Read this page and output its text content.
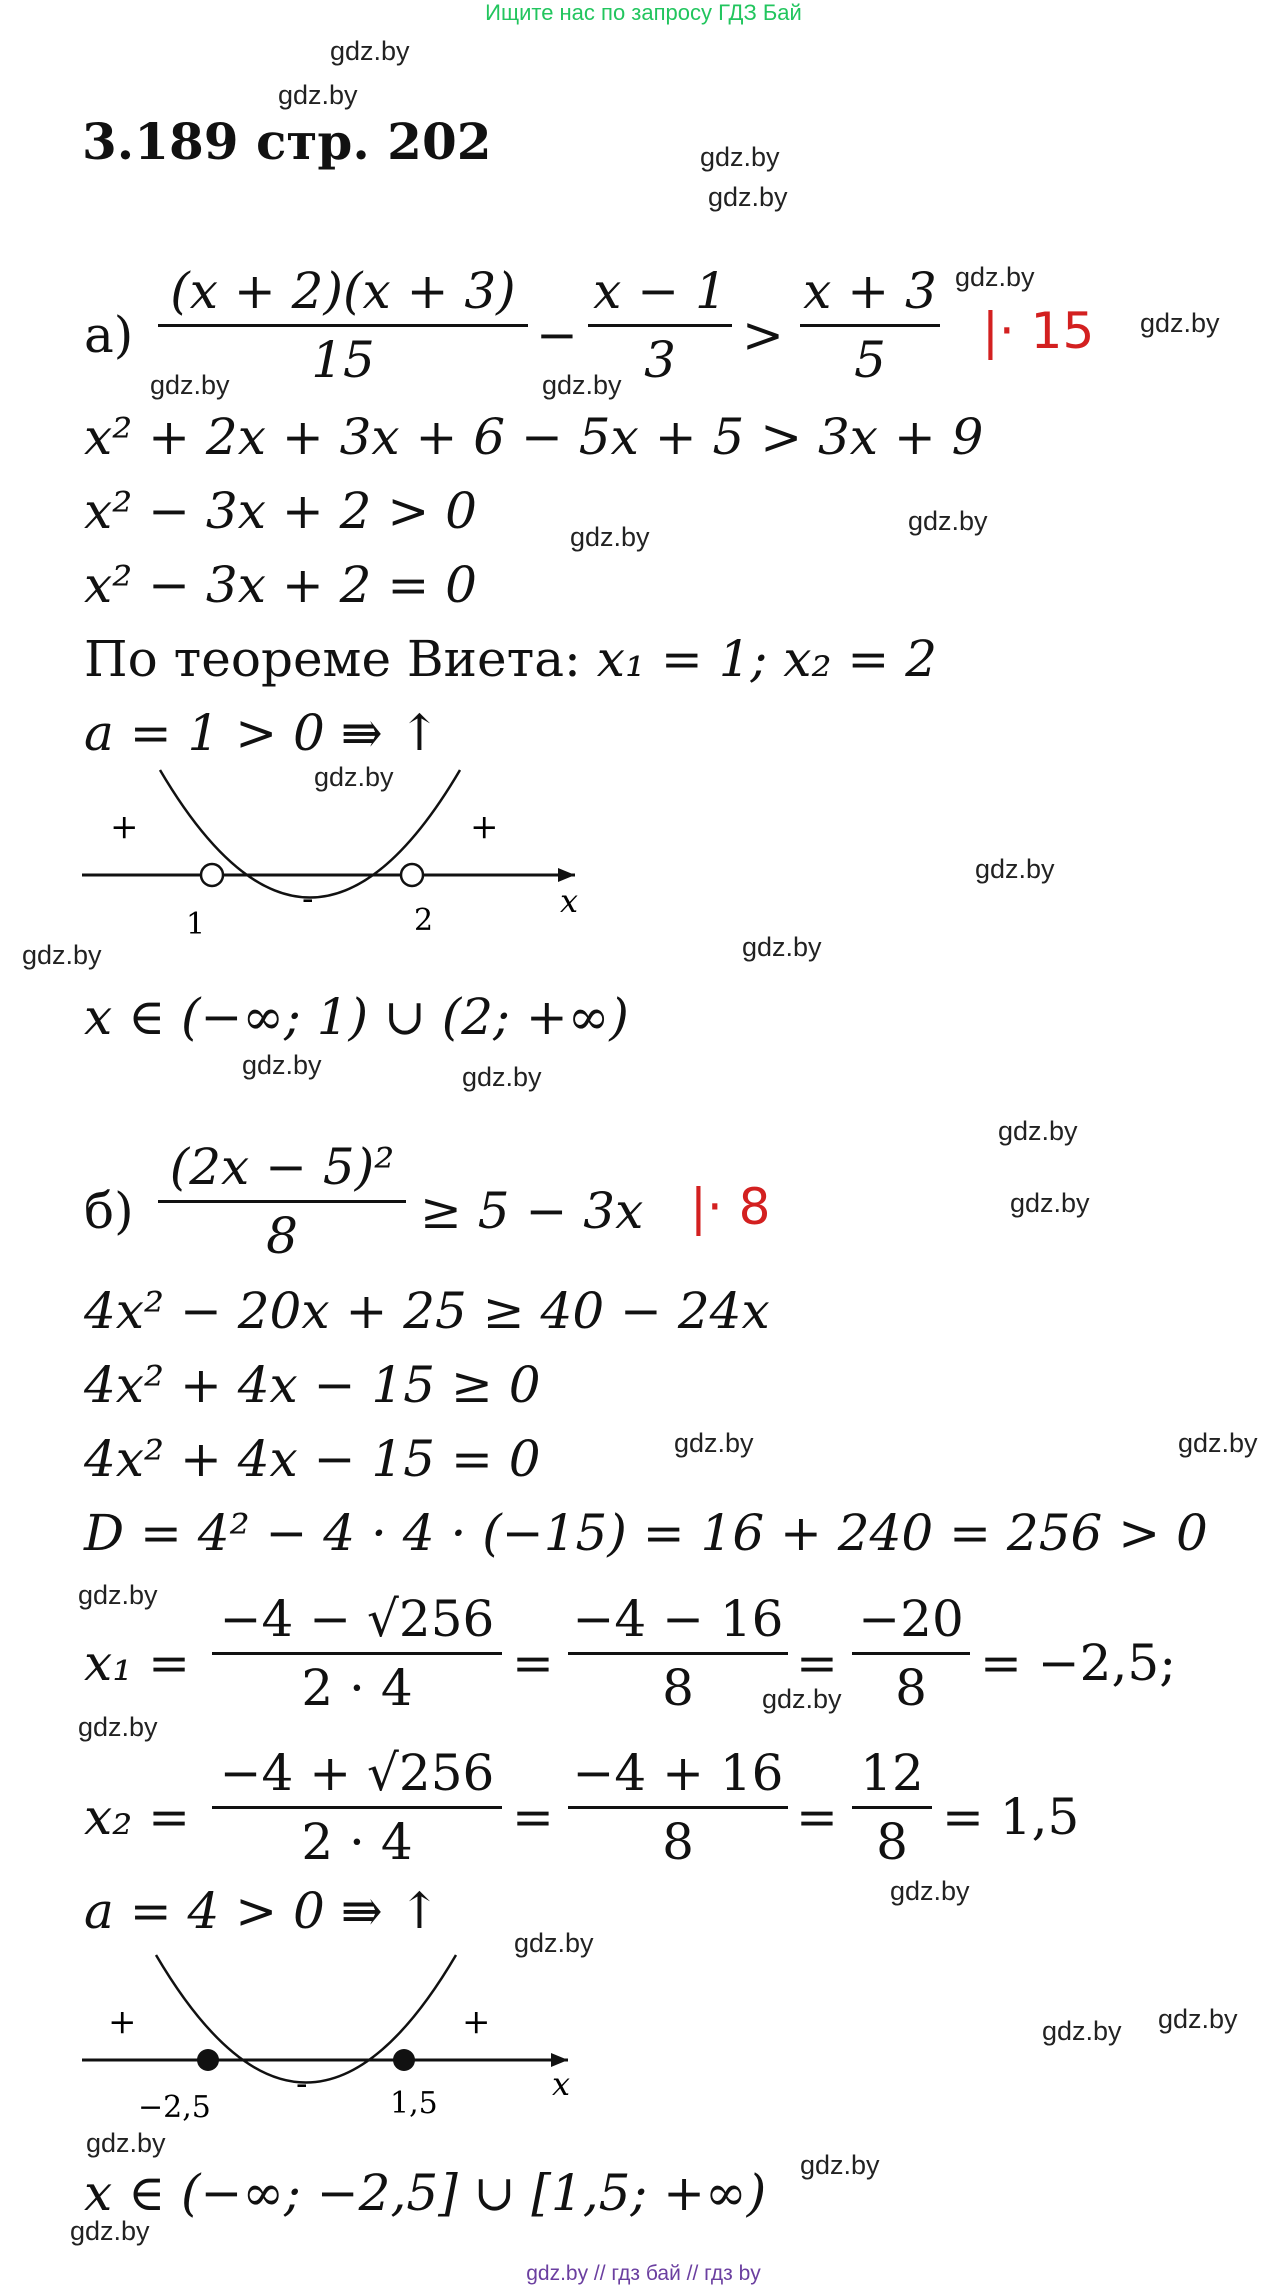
Ищите нас по запросу ГДЗ Бай
gdz.by
gdz.by
gdz.by
gdz.by
gdz.by
gdz.by
gdz.by	gdz.by
gdz.by
gdz.by
gdz.by
gdz.by
gdz.by	gdz.by
gdz.by	gdz.by
gdz.by
gdz.by
gdz.by	gdz.by
gdz.by
gdz.by
gdz.by
gdz.by
gdz.by
gdz.by
gdz.by
gdz.by
gdz.by
gdz.by
3.189 стр. 202
а)
(x + 2)(x + 3)
15	−
x − 1
3	>
x + 3
5	|· 15
x² + 2x + 3x + 6 − 5x + 5 > 3x + 9
x² − 3x + 2 > 0
x² − 3x + 2 = 0
По теореме Виета: x₁ = 1; x₂ = 2
a = 1 > 0 ⇛ ↑
+	+
-
1	2
x
x ∈ (−∞; 1) ∪ (2; +∞)
б)
(2x − 5)²
8	≥ 5 − 3x |· 8
4x² − 20x + 25 ≥ 40 − 24x
4x² + 4x − 15 ≥ 0
4x² + 4x − 15 = 0
D = 4² − 4 · 4 · (−15) = 16 + 240 = 256 > 0
x₁ =
−4 − √256
2 · 4	=
−4 − 16
8	=
−20
8	= −2,5;
x₂ =
−4 + √256
2 · 4	=
−4 + 16
8	=
12
8 = 1,5
a = 4 > 0 ⇛ ↑
+	+
-
−2,5	1,5
x
x ∈ (−∞; −2,5] ∪ [1,5; +∞)
gdz.by // гдз бай // гдз by
